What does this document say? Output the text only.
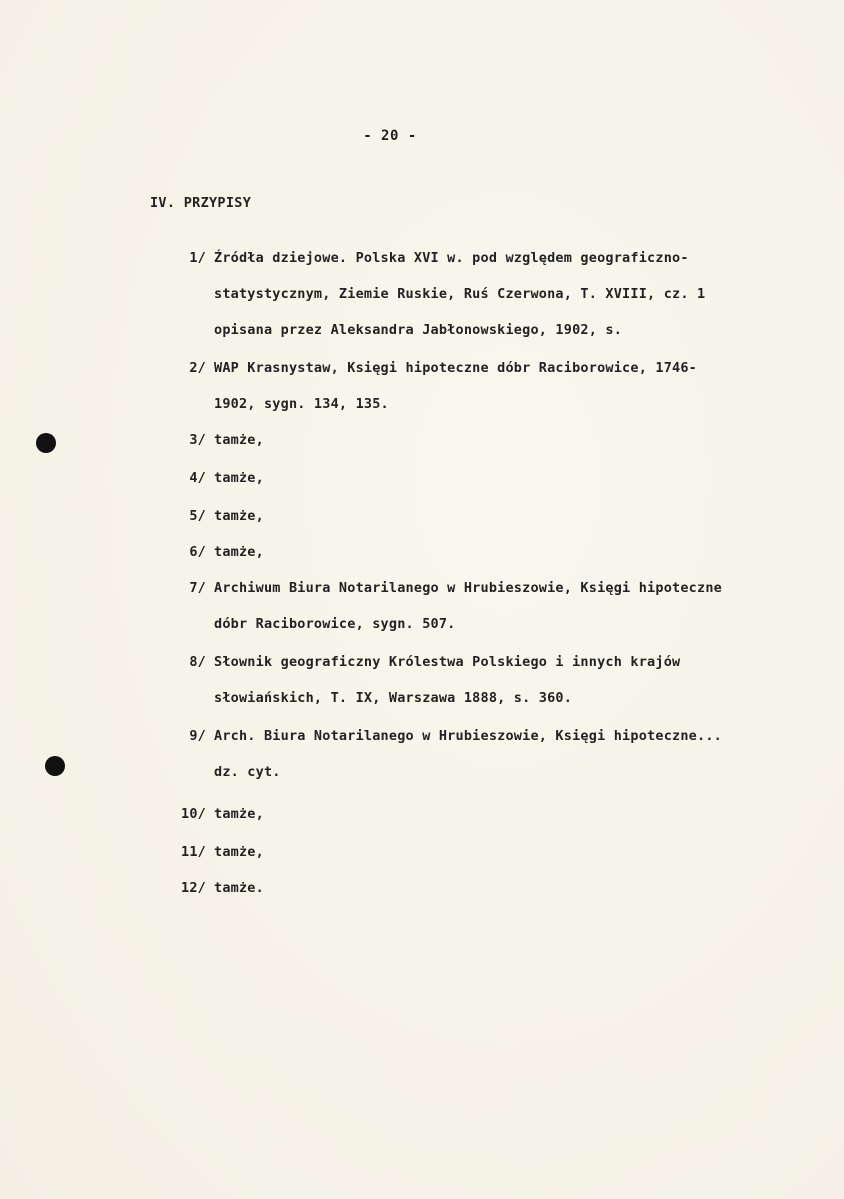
- 20 -
IV. PRZYPISY
1/ Źródła dziejowe. Polska XVI w. pod względem geograficzno-
statystycznym, Ziemie Ruskie, Ruś Czerwona, T. XVIII, cz. 1
opisana przez Aleksandra Jabłonowskiego, 1902, s.
2/ WAP Krasnystaw, Księgi hipoteczne dóbr Raciborowice, 1746-
1902, sygn. 134, 135.
3/ tamże,
4/ tamże,
5/ tamże,
6/ tamże,
7/ Archiwum Biura Notarilanego w Hrubieszowie, Księgi hipoteczne
dóbr Raciborowice, sygn. 507.
8/ Słownik geograficzny Królestwa Polskiego i innych krajów
słowiańskich, T. IX, Warszawa 1888, s. 360.
9/ Arch. Biura Notarilanego w Hrubieszowie, Księgi hipoteczne...
dz. cyt.
10/ tamże,
11/ tamże,
12/ tamże.
